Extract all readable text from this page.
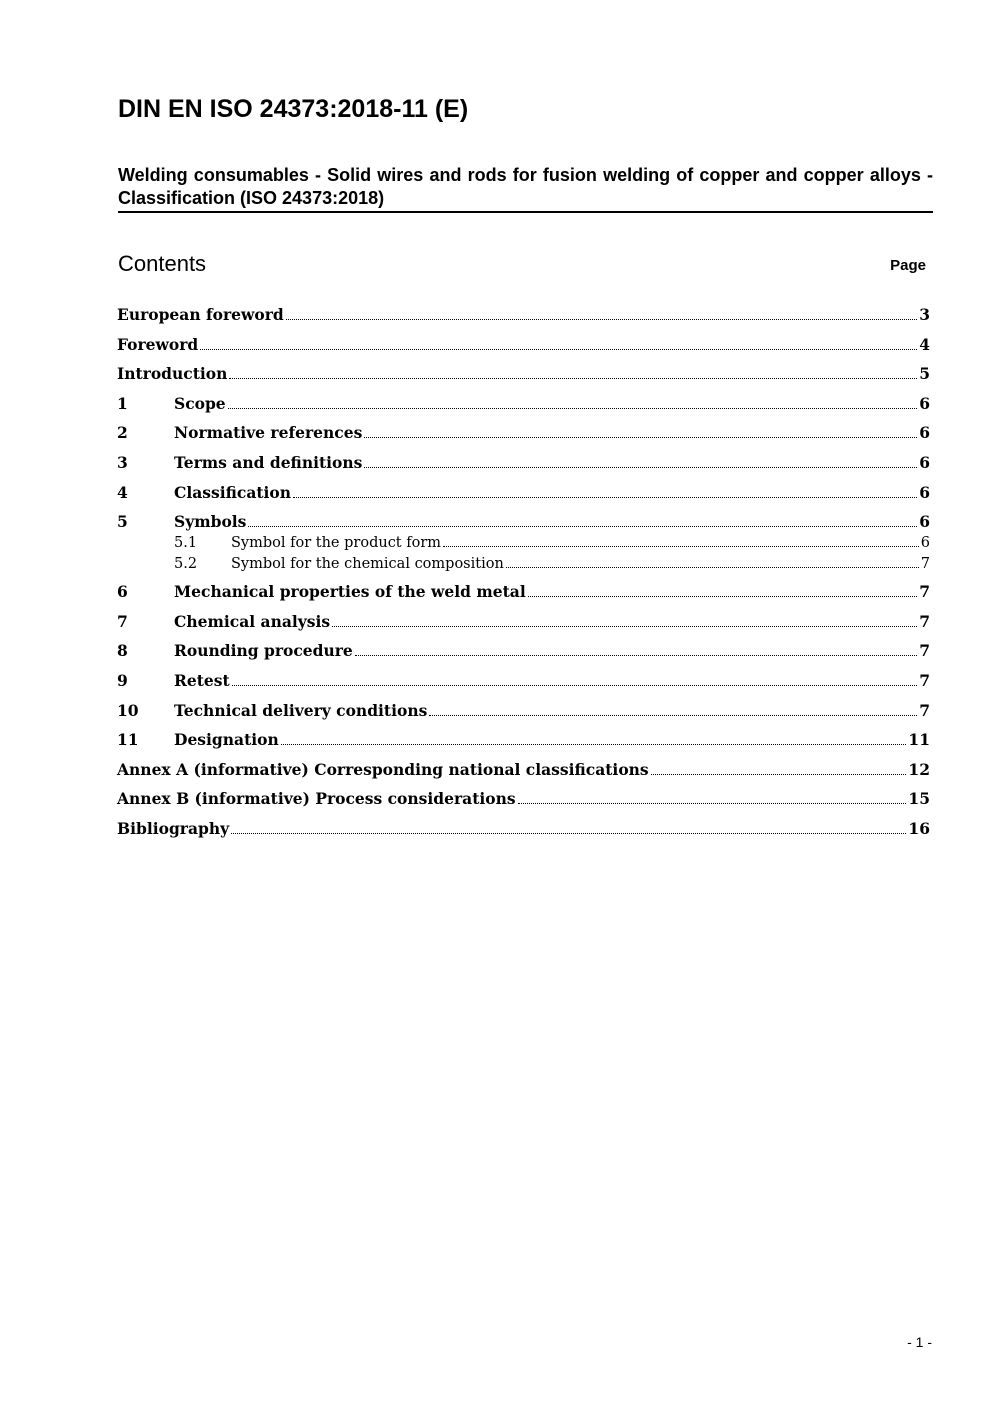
DIN EN ISO 24373:2018-11 (E)
Welding consumables - Solid wires and rods for fusion welding of copper and copper alloys - Classification (ISO 24373:2018)
Contents	Page
European foreword	3
Foreword	4
Introduction	5
1	Scope	6
2	Normative references	6
3	Terms and definitions	6
4	Classification	6
5	Symbols	6
5.1	Symbol for the product form	6
5.2	Symbol for the chemical composition	7
6	Mechanical properties of the weld metal	7
7	Chemical analysis	7
8	Rounding procedure	7
9	Retest	7
10	Technical delivery conditions	7
11	Designation	11
Annex A (informative) Corresponding national classifications	12
Annex B (informative) Process considerations	15
Bibliography	16
- 1 -
